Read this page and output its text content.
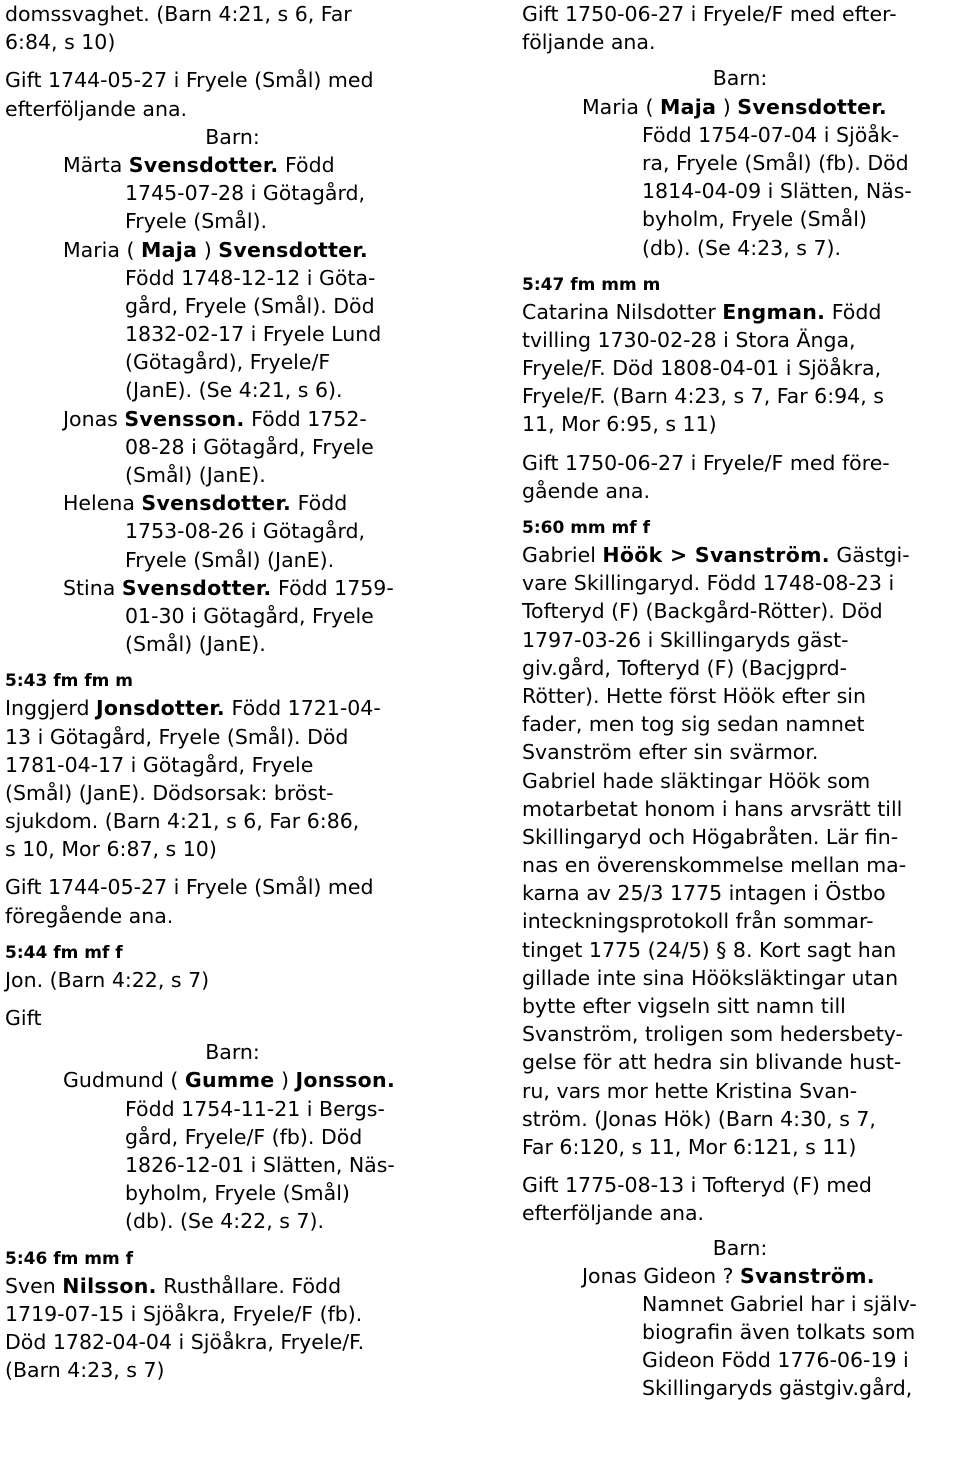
domssvaghet. (Barn 4:21, s 6, Far
6:84, s 10)
Gift 1744-05-27 i Fryele (Smål) med
efterföljande ana.
Barn:
Märta Svensdotter. Född
1745-07-28 i Götagård,
Fryele (Smål).
Maria ( Maja ) Svensdotter.
Född 1748-12-12 i Göta-
gård, Fryele (Smål). Död
1832-02-17 i Fryele Lund
(Götagård), Fryele/F
(JanE). (Se 4:21, s 6).
Jonas Svensson. Född 1752-
08-28 i Götagård, Fryele
(Smål) (JanE).
Helena Svensdotter. Född
1753-08-26 i Götagård,
Fryele (Smål) (JanE).
Stina Svensdotter. Född 1759-
01-30 i Götagård, Fryele
(Smål) (JanE).
5:43 fm fm m
Inggjerd Jonsdotter. Född 1721-04-
13 i Götagård, Fryele (Smål). Död
1781-04-17 i Götagård, Fryele
(Smål) (JanE). Dödsorsak: bröst-
sjukdom. (Barn 4:21, s 6, Far 6:86,
s 10, Mor 6:87, s 10)
Gift 1744-05-27 i Fryele (Smål) med
föregående ana.
5:44 fm mf f
Jon. (Barn 4:22, s 7)
Gift
Barn:
Gudmund ( Gumme ) Jonsson.
Född 1754-11-21 i Bergs-
gård, Fryele/F (fb). Död
1826-12-01 i Slätten, Näs-
byholm, Fryele (Smål)
(db). (Se 4:22, s 7).
5:46 fm mm f
Sven Nilsson. Rusthållare. Född
1719-07-15 i Sjöåkra, Fryele/F (fb).
Död 1782-04-04 i Sjöåkra, Fryele/F.
(Barn 4:23, s 7)
Gift 1750-06-27 i Fryele/F med efter-
följande ana.
Barn:
Maria ( Maja ) Svensdotter.
Född 1754-07-04 i Sjöåk-
ra, Fryele (Smål) (fb). Död
1814-04-09 i Slätten, Näs-
byholm, Fryele (Smål)
(db). (Se 4:23, s 7).
5:47 fm mm m
Catarina Nilsdotter Engman. Född
tvilling 1730-02-28 i Stora Änga,
Fryele/F. Död 1808-04-01 i Sjöåkra,
Fryele/F. (Barn 4:23, s 7, Far 6:94, s
11, Mor 6:95, s 11)
Gift 1750-06-27 i Fryele/F med före-
gående ana.
5:60 mm mf f
Gabriel Höök > Svanström. Gästgi-
vare Skillingaryd. Född 1748-08-23 i
Tofteryd (F) (Backgård-Rötter). Död
1797-03-26 i Skillingaryds gäst-
giv.gård, Tofteryd (F) (Bacjgprd-
Rötter). Hette först Höök efter sin
fader, men tog sig sedan namnet
Svanström efter sin svärmor.
Gabriel hade släktingar Höök som
motarbetat honom i hans arvsrätt till
Skillingaryd och Högabråten. Lär fin-
nas en överenskommelse mellan ma-
karna av 25/3 1775 intagen i Östbo
inteckningsprotokoll från sommar-
tinget 1775 (24/5) § 8. Kort sagt han
gillade inte sina Hööksläktingar utan
bytte efter vigseln sitt namn till
Svanström, troligen som hedersbety-
gelse för att hedra sin blivande hust-
ru, vars mor hette Kristina Svan-
ström. (Jonas Hök) (Barn 4:30, s 7,
Far 6:120, s 11, Mor 6:121, s 11)
Gift 1775-08-13 i Tofteryd (F) med
efterföljande ana.
Barn:
Jonas Gideon ? Svanström.
Namnet Gabriel har i själv-
biografin även tolkats som
Gideon Född 1776-06-19 i
Skillingaryds gästgiv.gård,
